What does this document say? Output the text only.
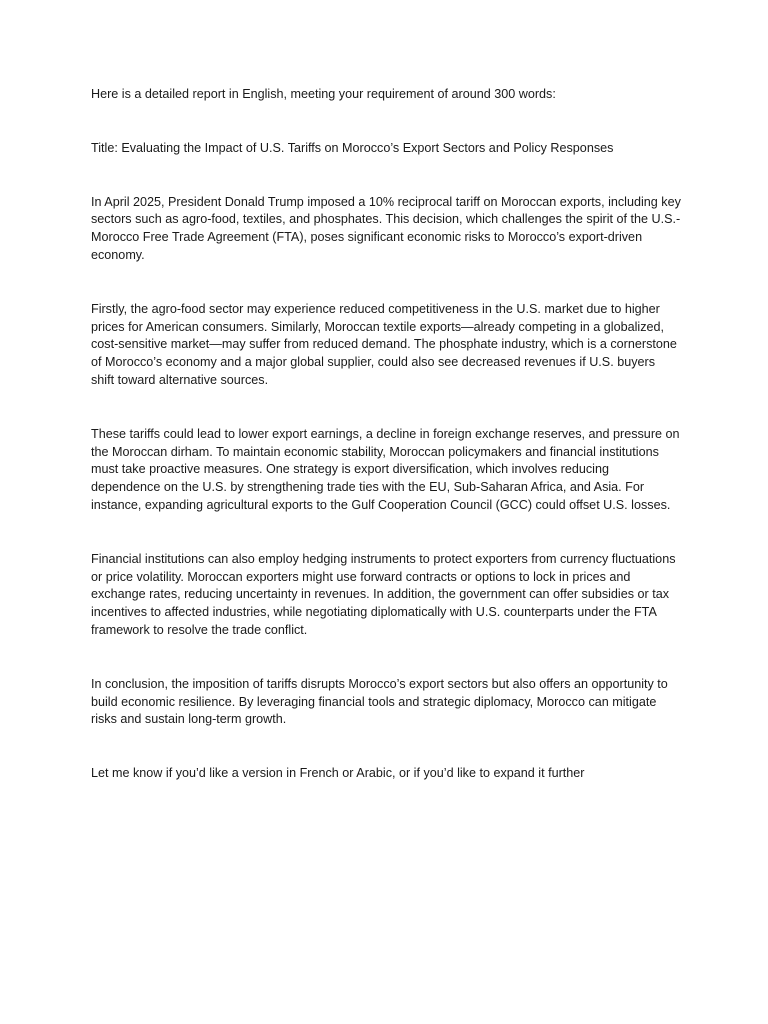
Here is a detailed report in English, meeting your requirement of around 300 words:

Title: Evaluating the Impact of U.S. Tariffs on Morocco’s Export Sectors and Policy Responses

In April 2025, President Donald Trump imposed a 10% reciprocal tariff on Moroccan exports, including key sectors such as agro-food, textiles, and phosphates. This decision, which challenges the spirit of the U.S.-Morocco Free Trade Agreement (FTA), poses significant economic risks to Morocco’s export-driven economy.

Firstly, the agro-food sector may experience reduced competitiveness in the U.S. market due to higher prices for American consumers. Similarly, Moroccan textile exports—already competing in a globalized, cost-sensitive market—may suffer from reduced demand. The phosphate industry, which is a cornerstone of Morocco’s economy and a major global supplier, could also see decreased revenues if U.S. buyers shift toward alternative sources.

These tariffs could lead to lower export earnings, a decline in foreign exchange reserves, and pressure on the Moroccan dirham. To maintain economic stability, Moroccan policymakers and financial institutions must take proactive measures. One strategy is export diversification, which involves reducing dependence on the U.S. by strengthening trade ties with the EU, Sub-Saharan Africa, and Asia. For instance, expanding agricultural exports to the Gulf Cooperation Council (GCC) could offset U.S. losses.

Financial institutions can also employ hedging instruments to protect exporters from currency fluctuations or price volatility. Moroccan exporters might use forward contracts or options to lock in prices and exchange rates, reducing uncertainty in revenues. In addition, the government can offer subsidies or tax incentives to affected industries, while negotiating diplomatically with U.S. counterparts under the FTA framework to resolve the trade conflict.

In conclusion, the imposition of tariffs disrupts Morocco’s export sectors but also offers an opportunity to build economic resilience. By leveraging financial tools and strategic diplomacy, Morocco can mitigate risks and sustain long-term growth.

Let me know if you’d like a version in French or Arabic, or if you’d like to expand it further
